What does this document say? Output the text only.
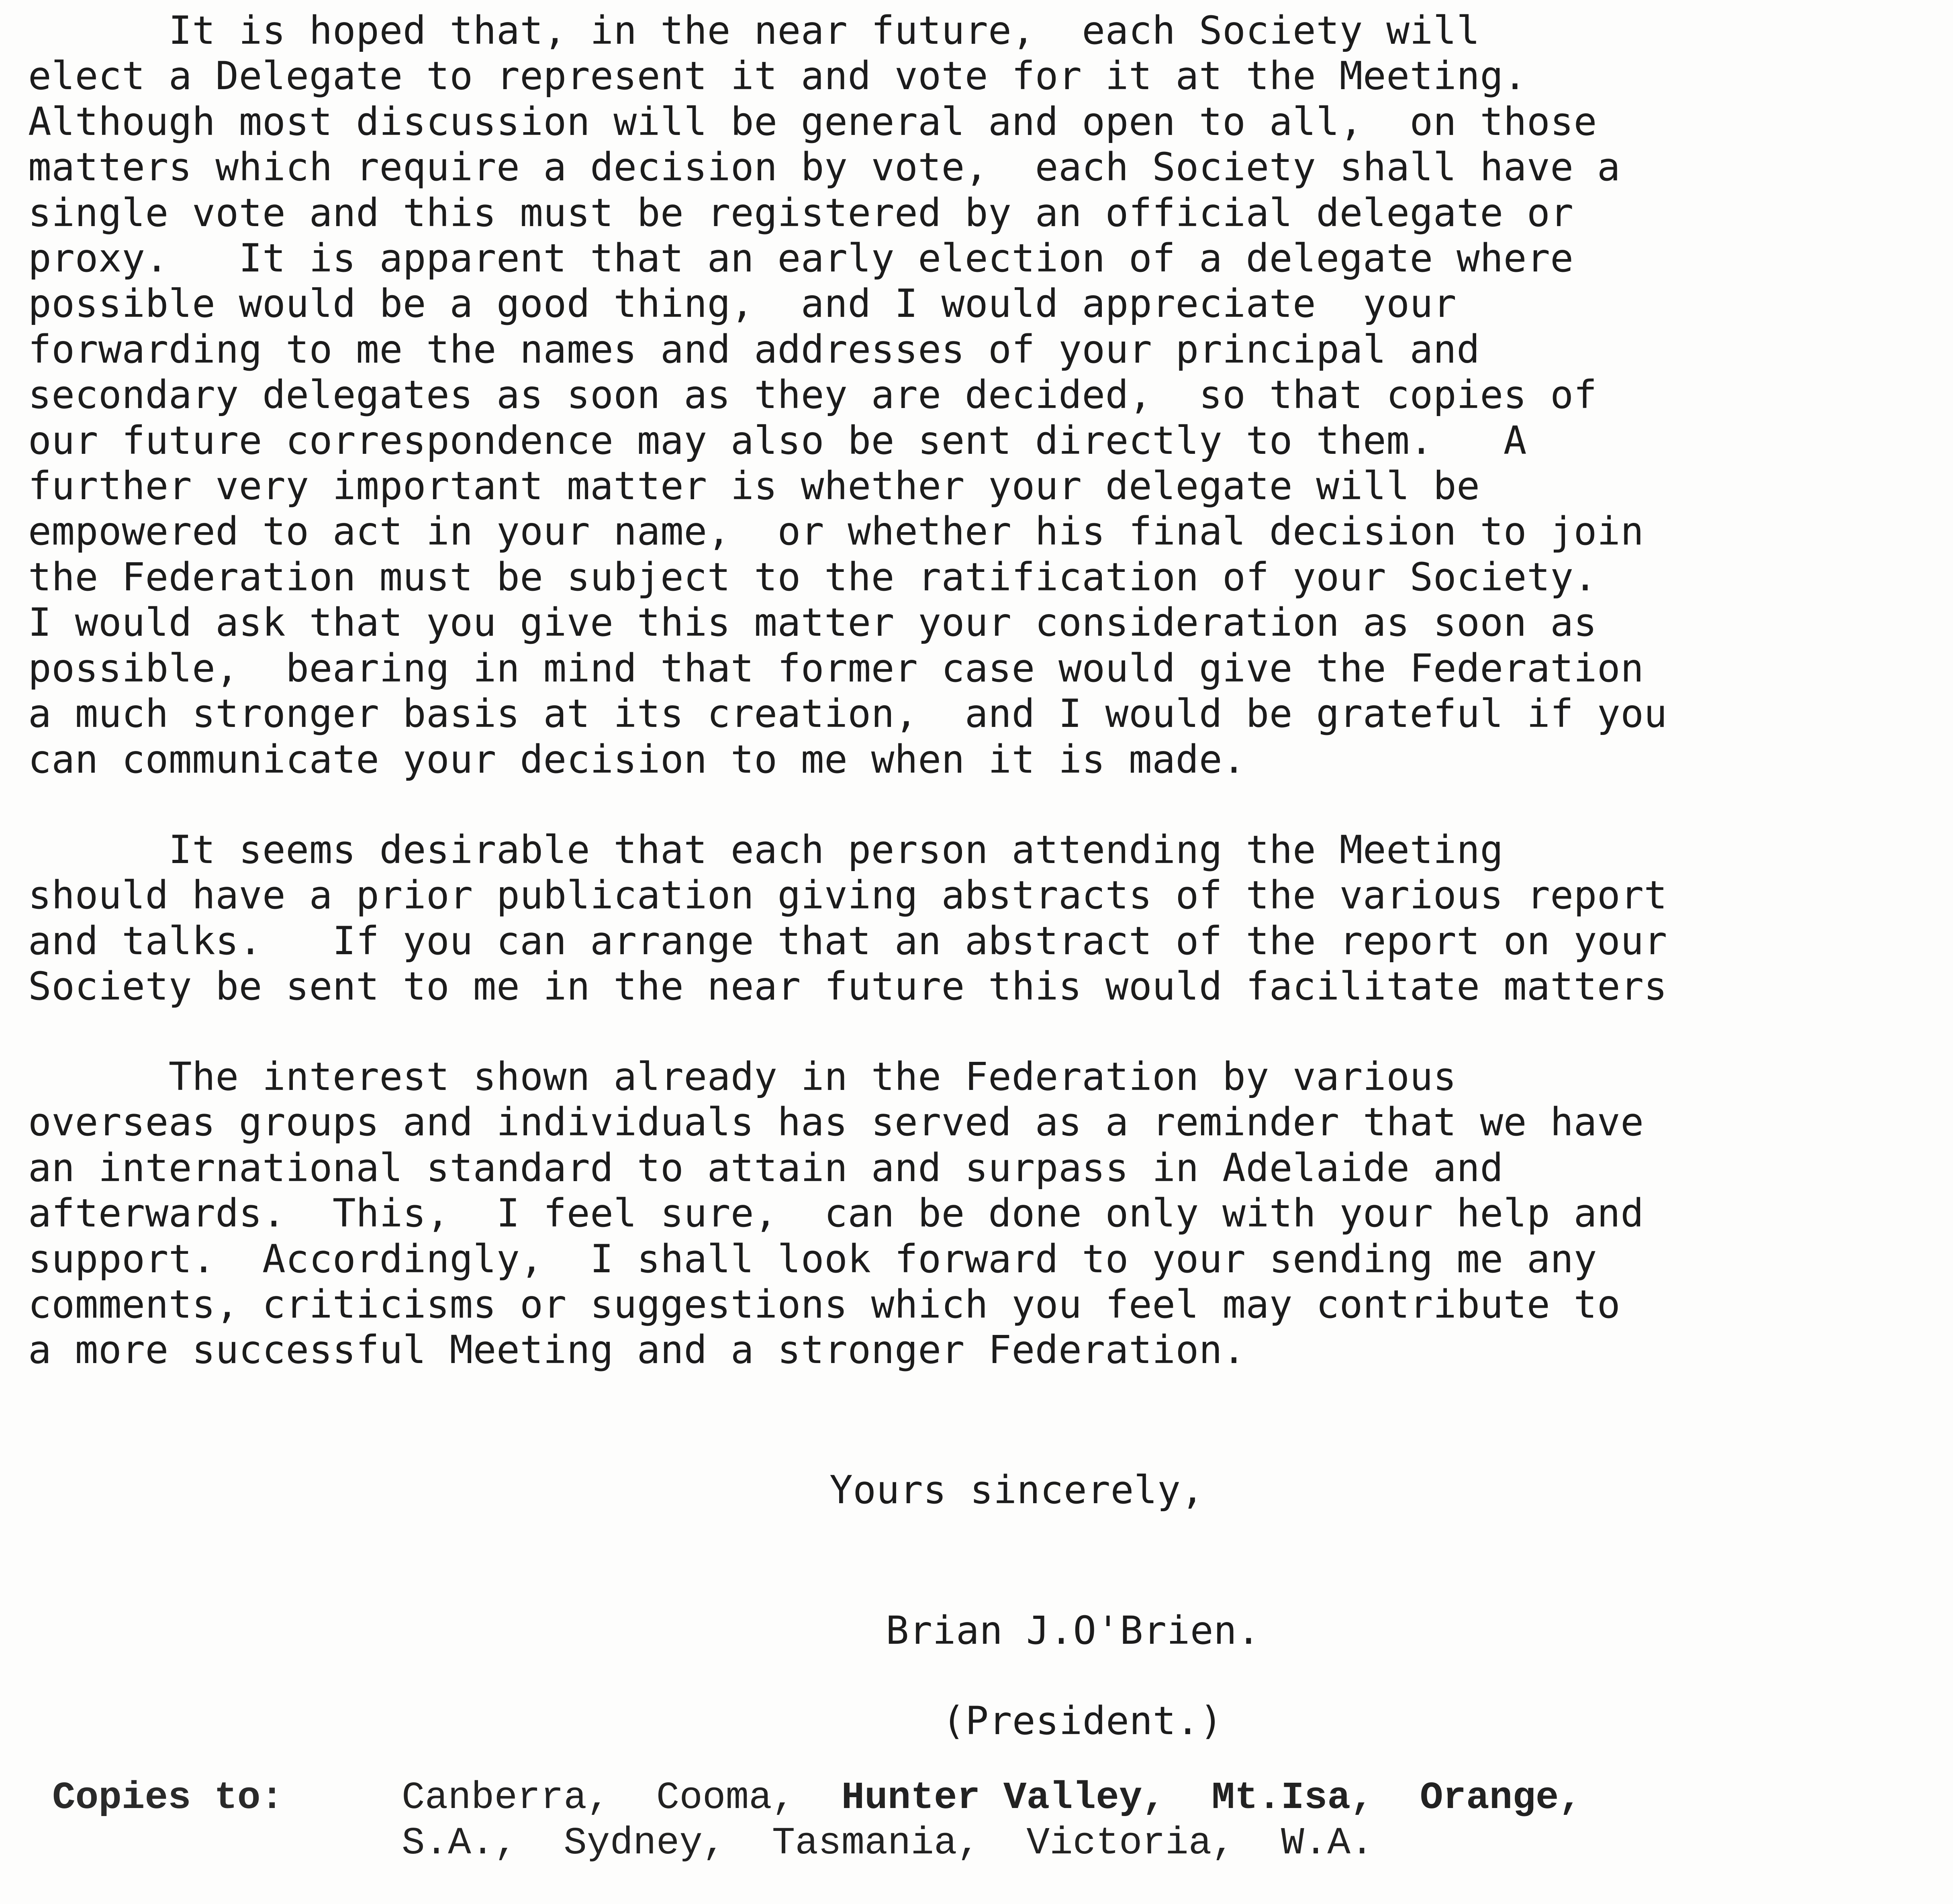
It is hoped that, in the near future,  each Society will
elect a Delegate to represent it and vote for it at the Meeting.
Although most discussion will be general and open to all,  on those
matters which require a decision by vote,  each Society shall have a
single vote and this must be registered by an official delegate or
proxy.   It is apparent that an early election of a delegate where
possible would be a good thing,  and I would appreciate  your
forwarding to me the names and addresses of your principal and
secondary delegates as soon as they are decided,  so that copies of
our future correspondence may also be sent directly to them.   A
further very important matter is whether your delegate will be
empowered to act in your name,  or whether his final decision to join
the Federation must be subject to the ratification of your Society.
I would ask that you give this matter your consideration as soon as
possible,  bearing in mind that former case would give the Federation
a much stronger basis at its creation,  and I would be grateful if you
can communicate your decision to me when it is made.
It seems desirable that each person attending the Meeting
should have a prior publication giving abstracts of the various report
and talks.   If you can arrange that an abstract of the report on your
Society be sent to me in the near future this would facilitate matters
The interest shown already in the Federation by various
overseas groups and individuals has served as a reminder that we have
an international standard to attain and surpass in Adelaide and
afterwards.  This,  I feel sure,  can be done only with your help and
support.  Accordingly,  I shall look forward to your sending me any
comments, criticisms or suggestions which you feel may contribute to
a more successful Meeting and a stronger Federation.
Yours sincerely,
Brian J.O'Brien.
(President.)
Copies to:	Canberra,  Cooma,  Hunter Valley,  Mt.Isa,  Orange,
S.A.,  Sydney,  Tasmania,  Victoria,  W.A.
